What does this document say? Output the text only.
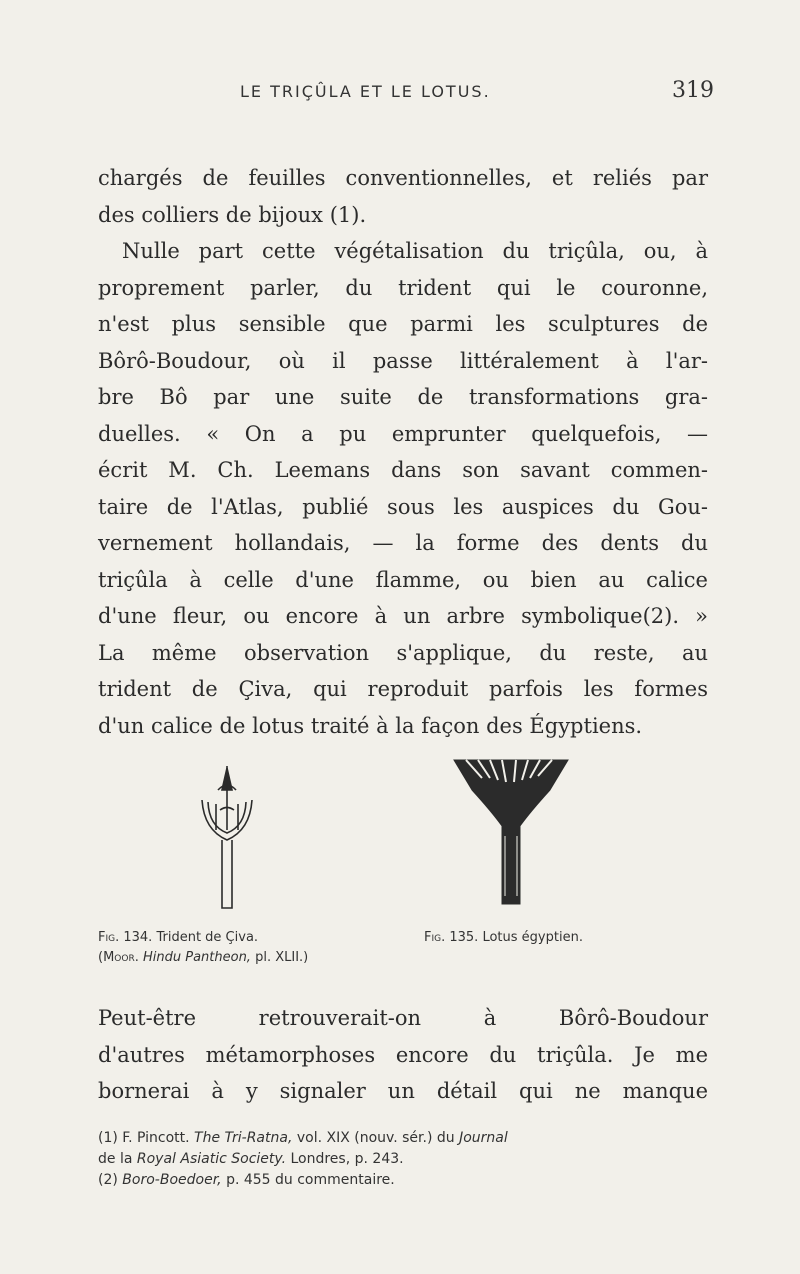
LE TRIÇÛLA ET LE LOTUS.	319
chargés de feuilles conventionnelles, et reliés par
des colliers de bijoux (1).
Nulle part cette végétalisation du triçûla, ou, à
proprement parler, du trident qui le couronne,
n'est plus sensible que parmi les sculptures de
Bôrô-Boudour, où il passe littéralement à l'ar-
bre Bô par une suite de transformations gra-
duelles. « On a pu emprunter quelquefois, —
écrit M. Ch. Leemans dans son savant commen-
taire de l'Atlas, publié sous les auspices du Gou-
vernement hollandais, — la forme des dents du
triçûla à celle d'une flamme, ou bien au calice
d'une fleur, ou encore à un arbre symbolique(2). »
La même observation s'applique, du reste, au
trident de Çiva, qui reproduit parfois les formes
d'un calice de lotus traité à la façon des Égyptiens.
Fig. 134. Trident de Çiva.
(Moor. Hindu Pantheon, pl. XLII.)
Fig. 135. Lotus égyptien.
Peut-être retrouverait-on à Bôrô-Boudour
d'autres métamorphoses encore du triçûla. Je me
bornerai à y signaler un détail qui ne manque
(1) F. Pincott. The Tri-Ratna, vol. XIX (nouv. sér.) du Journal
de la Royal Asiatic Society. Londres, p. 243.
(2) Boro-Boedoer, p. 455 du commentaire.
